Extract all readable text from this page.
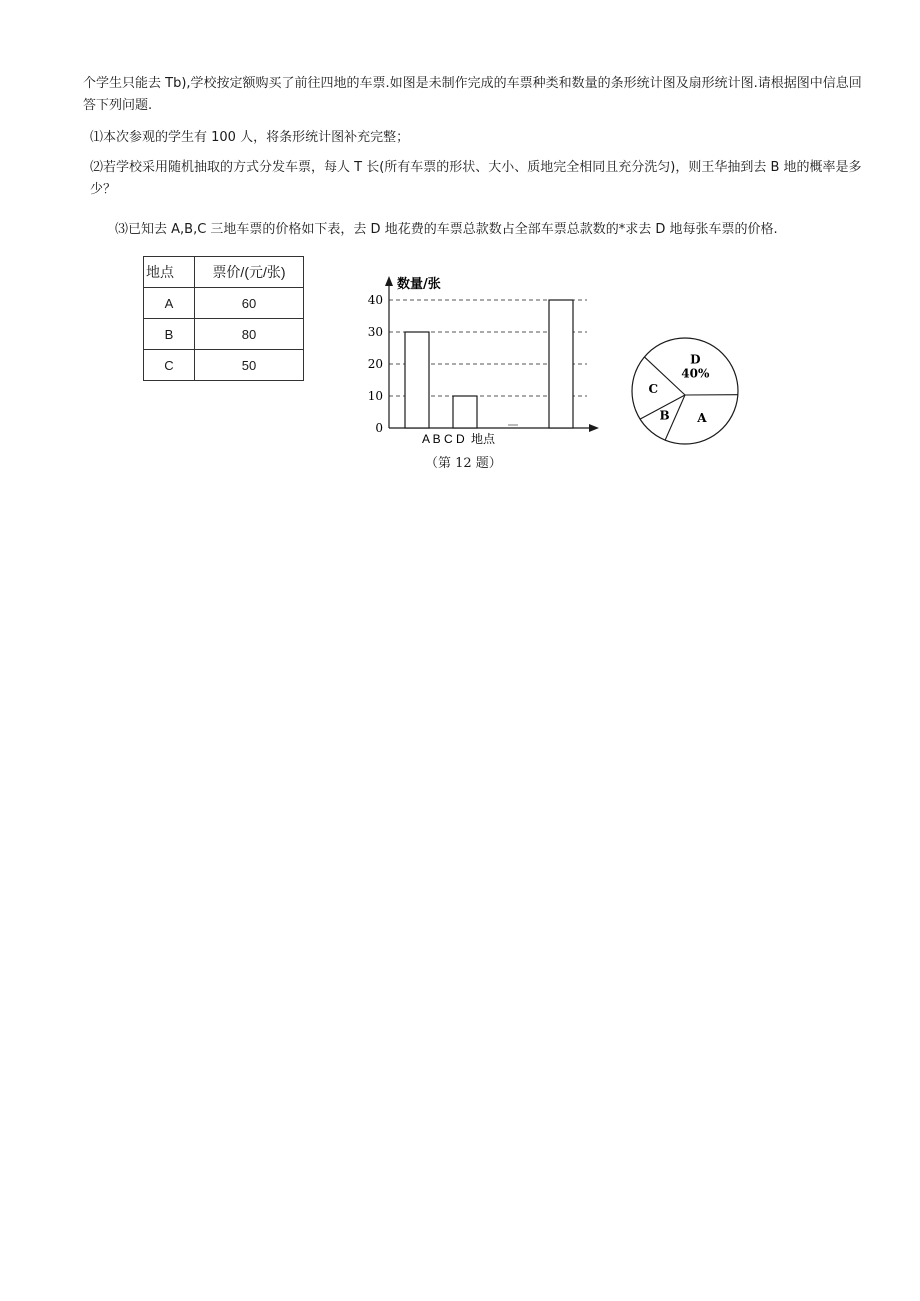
个学生只能去 Tb),学校按定额购买了前往四地的车票.如图是未制作完成的车票种类和数量的条形统计图及扇形统计图.请根据图中信息回答下列问题.
⑴本次参观的学生有 100 人，将条形统计图补充完整；
⑵若学校采用随机抽取的方式分发车票，每人 T 长(所有车票的形状、大小、质地完全相同且充分洗匀)，则王华抽到去 B 地的概率是多少？
⑶已知去 A,B,C 三地车票的价格如下表，去 D 地花费的车票总款数占全部车票总款数的*求去 D 地每张车票的价格.
地点	票价/(元/张)
A	60
B	80
C	50
数量/张
0
10
20
30
40
A B C D 地点
D
40%
A
B
C
（第 12 题）
